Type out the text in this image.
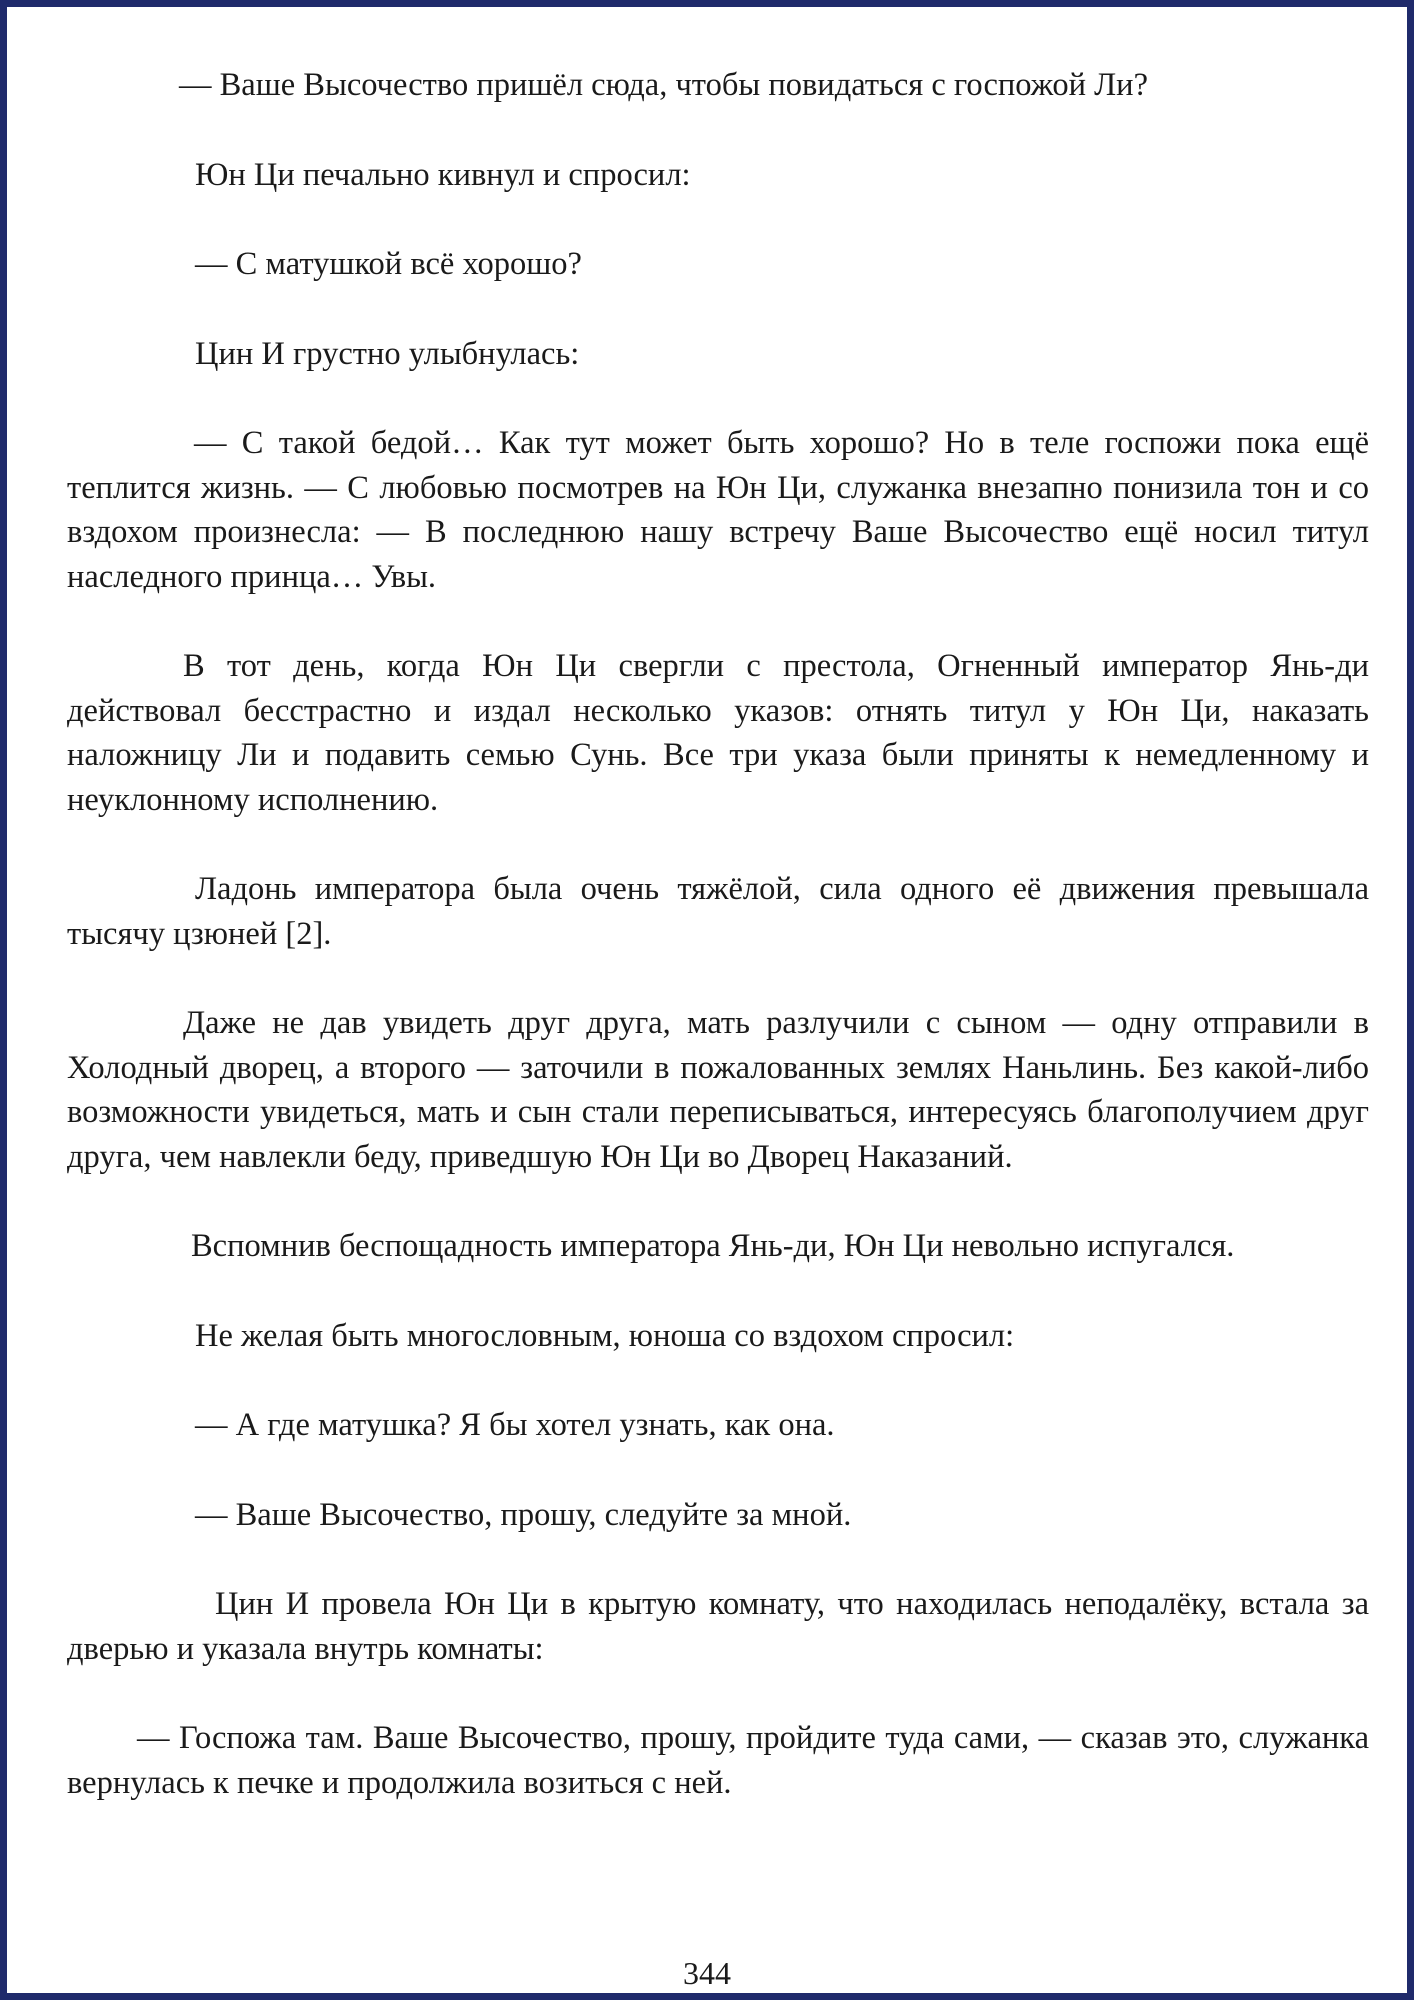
— Ваше Высочество пришёл сюда, чтобы повидаться с госпожой Ли?

Юн Ци печально кивнул и спросил:

— С матушкой всё хорошо?

Цин И грустно улыбнулась:

— С такой бедой… Как тут может быть хорошо? Но в теле госпожи пока ещё теплится жизнь. — С любовью посмотрев на Юн Ци, служанка внезапно понизила тон и со вздохом произнесла: — В последнюю нашу встречу Ваше Высочество ещё носил титул наследного принца… Увы.

В тот день, когда Юн Ци свергли с престола, Огненный император Янь-ди действовал бесстрастно и издал несколько указов: отнять титул у Юн Ци, наказать наложницу Ли и подавить семью Сунь. Все три указа были приняты к немедленному и неуклонному исполнению.

Ладонь императора была очень тяжёлой, сила одного её движения превышала тысячу цзюней [2].

Даже не дав увидеть друг друга, мать разлучили с сыном — одну отправили в Холодный дворец, а второго — заточили в пожалованных землях Наньлинь. Без какой-либо возможности увидеться, мать и сын стали переписываться, интересуясь благополучием друг друга, чем навлекли беду, приведшую Юн Ци во Дворец Наказаний.

Вспомнив беспощадность императора Янь-ди, Юн Ци невольно испугался.

Не желая быть многословным, юноша со вздохом спросил:

— А где матушка? Я бы хотел узнать, как она.

— Ваше Высочество, прошу, следуйте за мной.

Цин И провела Юн Ци в крытую комнату, что находилась неподалёку, встала за дверью и указала внутрь комнаты:

— Госпожа там. Ваше Высочество, прошу, пройдите туда сами, — сказав это, служанка вернулась к печке и продолжила возиться с ней.

344
